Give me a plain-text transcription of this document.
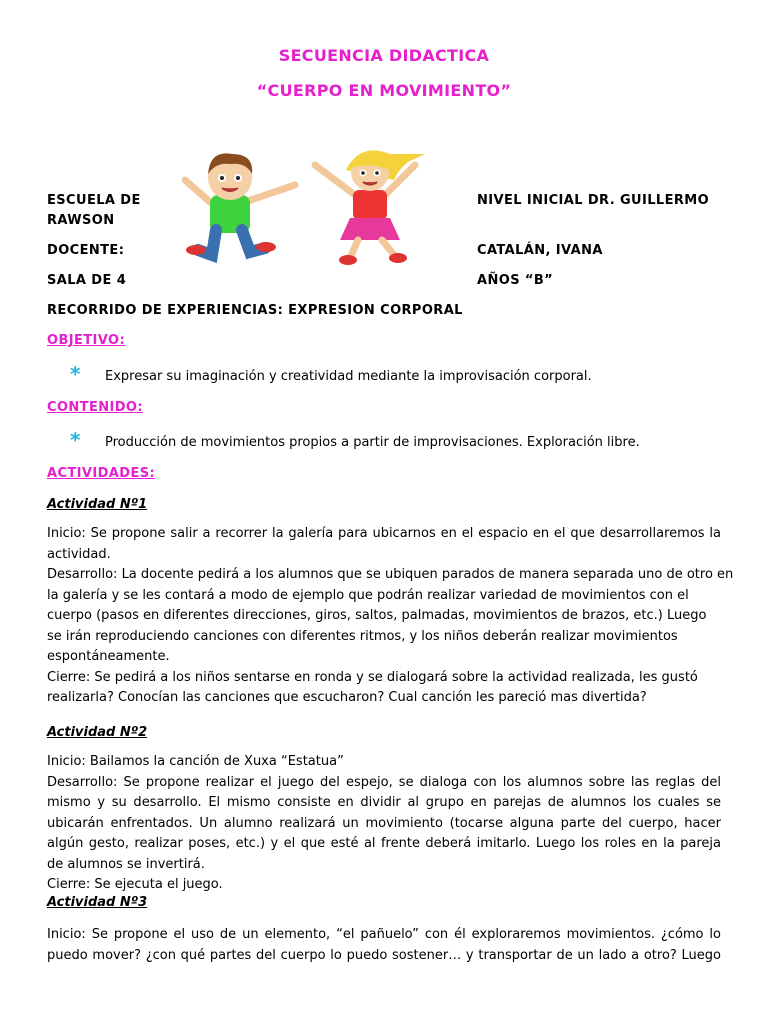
SECUENCIA DIDACTICA
“CUERPO EN MOVIMIENTO”
ESCUELA DE	NIVEL INICIAL DR. GUILLERMO
RAWSON
DOCENTE:	CATALÁN, IVANA
SALA DE 4	AÑOS “B”
RECORRIDO DE EXPERIENCIAS: EXPRESION CORPORAL
OBJETIVO:
* Expresar su imaginación y creatividad mediante la improvisación corporal.
CONTENIDO:
* Producción de movimientos propios a partir de improvisaciones. Exploración libre.
ACTIVIDADES:
Actividad Nº1
Inicio: Se propone salir a recorrer la galería para ubicarnos en el espacio en el que desarrollaremos la
actividad.
Desarrollo: La docente pedirá a los alumnos que se ubiquen parados de manera separada uno de otro en
la galería y se les contará a modo de ejemplo que podrán realizar variedad de movimientos con el
cuerpo (pasos en diferentes direcciones, giros, saltos, palmadas, movimientos de brazos, etc.) Luego
se irán reproduciendo canciones con diferentes ritmos, y los niños deberán realizar movimientos
espontáneamente.
Cierre: Se pedirá a los niños sentarse en ronda y se dialogará sobre la actividad realizada, les gustó
realizarla? Conocían las canciones que escucharon? Cual canción les pareció mas divertida?
Actividad Nº2
Inicio: Bailamos la canción de Xuxa “Estatua”
Desarrollo: Se propone realizar el juego del espejo, se dialoga con los alumnos sobre las reglas del
mismo y su desarrollo. El mismo consiste en dividir al grupo en parejas de alumnos los cuales se
ubicarán enfrentados. Un alumno realizará un movimiento (tocarse alguna parte del cuerpo, hacer
algún gesto, realizar poses, etc.) y el que esté al frente deberá imitarlo. Luego los roles en la pareja
de alumnos se invertirá.
Cierre: Se ejecuta el juego.
Actividad Nº3
Inicio: Se propone el uso de un elemento, “el pañuelo” con él exploraremos movimientos. ¿cómo lo
puedo mover? ¿con qué partes del cuerpo lo puedo sostener… y transportar de un lado a otro? Luego
